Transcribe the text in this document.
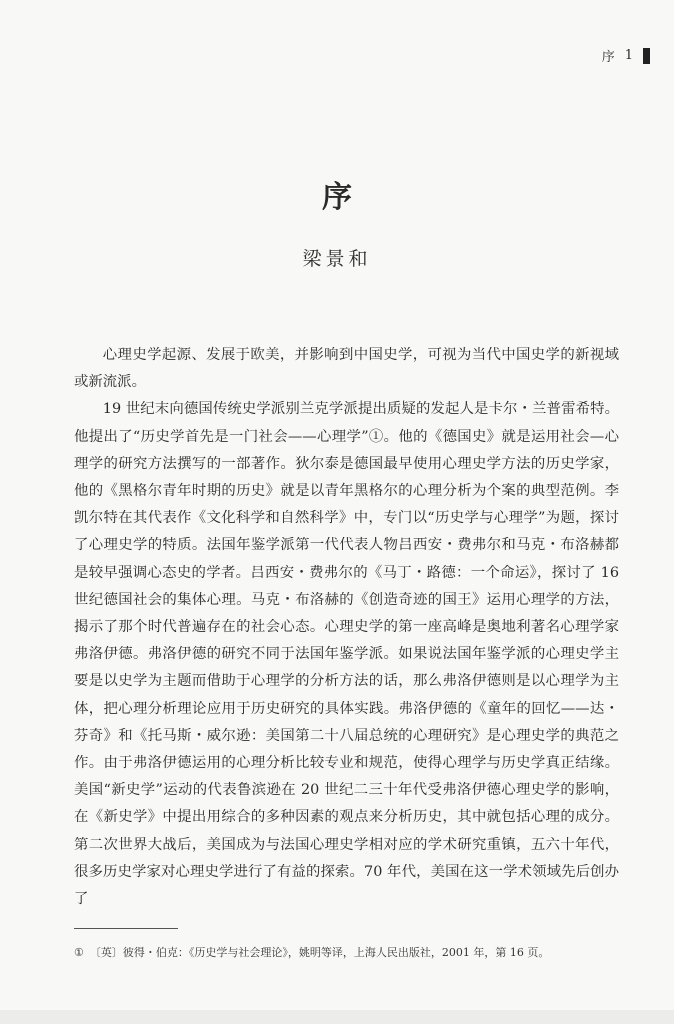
序 1
序
梁景和

心理史学起源、发展于欧美，并影响到中国史学，可视为当代中国史学的新视域或新流派。

19 世纪末向德国传统史学派别兰克学派提出质疑的发起人是卡尔・兰普雷希特。他提出了“历史学首先是一门社会——心理学”①。他的《德国史》就是运用社会—心理学的研究方法撰写的一部著作。狄尔泰是德国最早使用心理史学方法的历史学家，他的《黑格尔青年时期的历史》就是以青年黑格尔的心理分析为个案的典型范例。李凯尔特在其代表作《文化科学和自然科学》中，专门以“历史学与心理学”为题，探讨了心理史学的特质。法国年鉴学派第一代代表人物吕西安・费弗尔和马克・布洛赫都是较早强调心态史的学者。吕西安・费弗尔的《马丁・路德：一个命运》，探讨了 16 世纪德国社会的集体心理。马克・布洛赫的《创造奇迹的国王》运用心理学的方法，揭示了那个时代普遍存在的社会心态。心理史学的第一座高峰是奥地利著名心理学家弗洛伊德。弗洛伊德的研究不同于法国年鉴学派。如果说法国年鉴学派的心理史学主要是以史学为主题而借助于心理学的分析方法的话，那么弗洛伊德则是以心理学为主体，把心理分析理论应用于历史研究的具体实践。弗洛伊德的《童年的回忆——达・芬奇》和《托马斯・威尔逊：美国第二十八届总统的心理研究》是心理史学的典范之作。由于弗洛伊德运用的心理分析比较专业和规范，使得心理学与历史学真正结缘。美国“新史学”运动的代表鲁滨逊在 20 世纪二三十年代受弗洛伊德心理史学的影响，在《新史学》中提出用综合的多种因素的观点来分析历史，其中就包括心理的成分。第二次世界大战后，美国成为与法国心理史学相对应的学术研究重镇，五六十年代，很多历史学家对心理史学进行了有益的探索。70 年代，美国在这一学术领域先后创办了

① 〔英〕彼得・伯克：《历史学与社会理论》，姚明等译，上海人民出版社，2001 年，第 16 页。
